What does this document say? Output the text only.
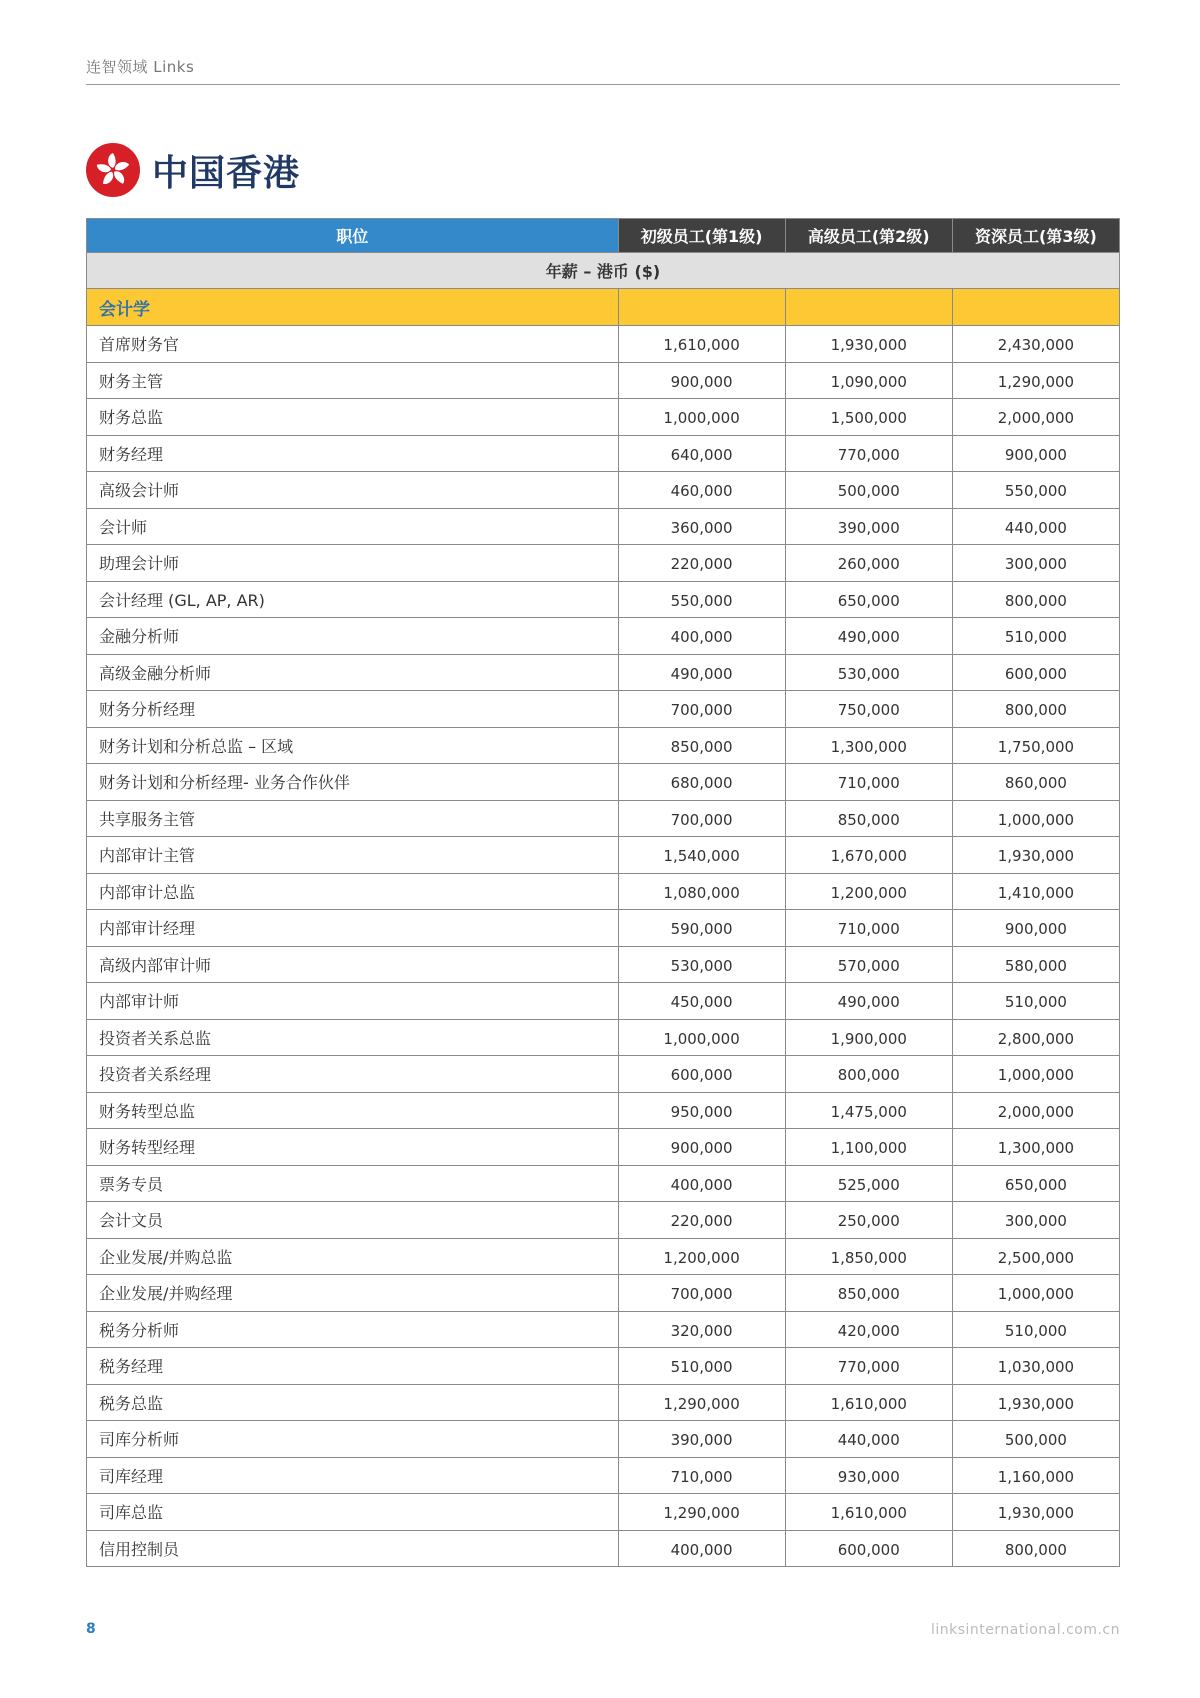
连智领域 Links
中国香港
职位	初级员工(第1级)	高级员工(第2级)	资深员工(第3级)
年薪 – 港币 ($)			
会计学			
首席财务官	1,610,000	1,930,000	2,430,000
财务主管	900,000	1,090,000	1,290,000
财务总监	1,000,000	1,500,000	2,000,000
财务经理	640,000	770,000	900,000
高级会计师	460,000	500,000	550,000
会计师	360,000	390,000	440,000
助理会计师	220,000	260,000	300,000
会计经理 (GL, AP, AR)	550,000	650,000	800,000
金融分析师	400,000	490,000	510,000
高级金融分析师	490,000	530,000	600,000
财务分析经理	700,000	750,000	800,000
财务计划和分析总监 – 区域	850,000	1,300,000	1,750,000
财务计划和分析经理- 业务合作伙伴	680,000	710,000	860,000
共享服务主管	700,000	850,000	1,000,000
内部审计主管	1,540,000	1,670,000	1,930,000
内部审计总监	1,080,000	1,200,000	1,410,000
内部审计经理	590,000	710,000	900,000
高级内部审计师	530,000	570,000	580,000
内部审计师	450,000	490,000	510,000
投资者关系总监	1,000,000	1,900,000	2,800,000
投资者关系经理	600,000	800,000	1,000,000
财务转型总监	950,000	1,475,000	2,000,000
财务转型经理	900,000	1,100,000	1,300,000
票务专员	400,000	525,000	650,000
会计文员	220,000	250,000	300,000
企业发展/并购总监	1,200,000	1,850,000	2,500,000
企业发展/并购经理	700,000	850,000	1,000,000
税务分析师	320,000	420,000	510,000
税务经理	510,000	770,000	1,030,000
税务总监	1,290,000	1,610,000	1,930,000
司库分析师	390,000	440,000	500,000
司库经理	710,000	930,000	1,160,000
司库总监	1,290,000	1,610,000	1,930,000
信用控制员	400,000	600,000	800,000
8	linksinternational.com.cn
